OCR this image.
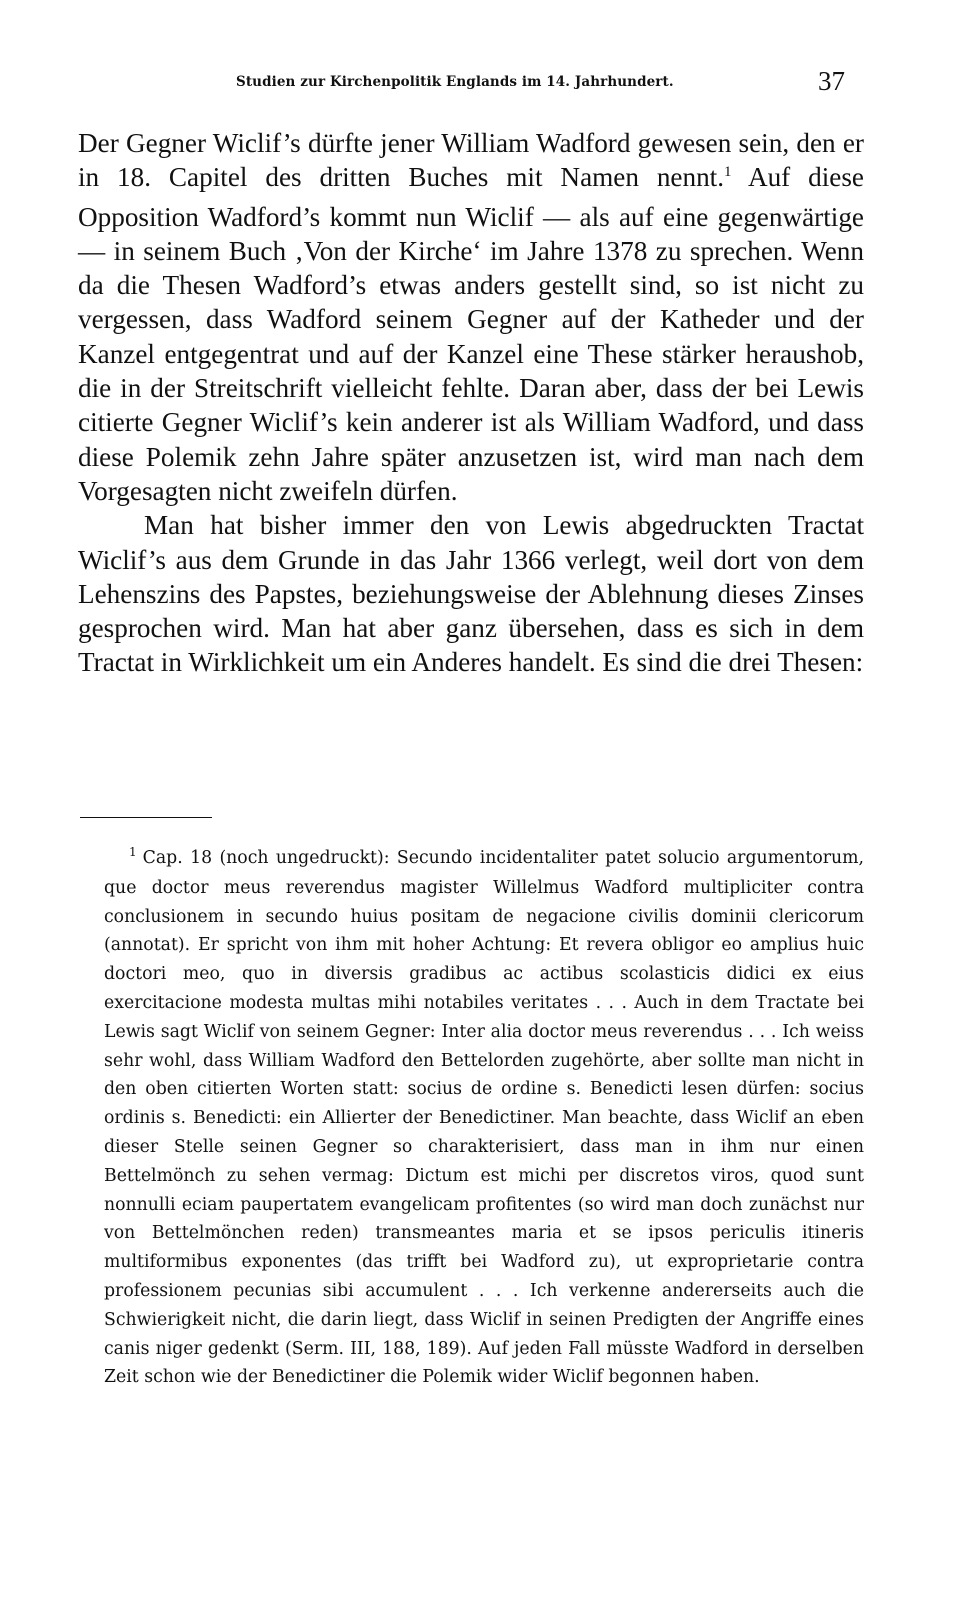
Studien zur Kirchenpolitik Englands im 14. Jahrhundert.	37

Der Gegner Wiclif’s dürfte jener William Wadford gewesen sein, den er in 18. Capitel des dritten Buches mit Namen nennt.$^1$ Auf diese Opposition Wadford’s kommt nun Wiclif — als auf eine gegenwärtige — in seinem Buch ‚Von der Kirche‘ im Jahre 1378 zu sprechen. Wenn da die Thesen Wadford’s etwas anders gestellt sind, so ist nicht zu vergessen, dass Wadford seinem Gegner auf der Katheder und der Kanzel entgegentrat und auf der Kanzel eine These stärker heraushob, die in der Streitschrift vielleicht fehlte. Daran aber, dass der bei Lewis citierte Gegner Wiclif’s kein anderer ist als William Wadford, und dass diese Polemik zehn Jahre später anzusetzen ist, wird man nach dem Vorgesagten nicht zweifeln dürfen.

Man hat bisher immer den von Lewis abgedruckten Tractat Wiclif’s aus dem Grunde in das Jahr 1366 verlegt, weil dort von dem Lehenszins des Papstes, beziehungsweise der Ablehnung dieses Zinses gesprochen wird. Man hat aber ganz übersehen, dass es sich in dem Tractat in Wirklichkeit um ein Anderes handelt. Es sind die drei Thesen:

$^1$ Cap. 18 (noch ungedruckt): Secundo incidentaliter patet solucio argumentorum, que doctor meus reverendus magister Willelmus Wadford multipliciter contra conclusionem in secundo huius positam de negacione civilis dominii clericorum (annotat). Er spricht von ihm mit hoher Achtung: Et revera obligor eo amplius huic doctori meo, quo in diversis gradibus ac actibus scolasticis didici ex eius exercitacione modesta multas mihi notabiles veritates . . . Auch in dem Tractate bei Lewis sagt Wiclif von seinem Gegner: Inter alia doctor meus reverendus . . . Ich weiss sehr wohl, dass William Wadford den Bettelorden zugehörte, aber sollte man nicht in den oben citierten Worten statt: socius de ordine s. Benedicti lesen dürfen: socius ordinis s. Benedicti: ein Allierter der Benedictiner. Man beachte, dass Wiclif an eben dieser Stelle seinen Gegner so charakterisiert, dass man in ihm nur einen Bettelmönch zu sehen vermag: Dictum est michi per discretos viros, quod sunt nonnulli eciam paupertatem evangelicam profitentes (so wird man doch zunächst nur von Bettelmönchen reden) transmeantes maria et se ipsos periculis itineris multiformibus exponentes (das trifft bei Wadford zu), ut exproprietarie contra professionem pecunias sibi accumulent . . . Ich verkenne andererseits auch die Schwierigkeit nicht, die darin liegt, dass Wiclif in seinen Predigten der Angriffe eines canis niger gedenkt (Serm. III, 188, 189). Auf jeden Fall müsste Wadford in derselben Zeit schon wie der Benedictiner die Polemik wider Wiclif begonnen haben.
